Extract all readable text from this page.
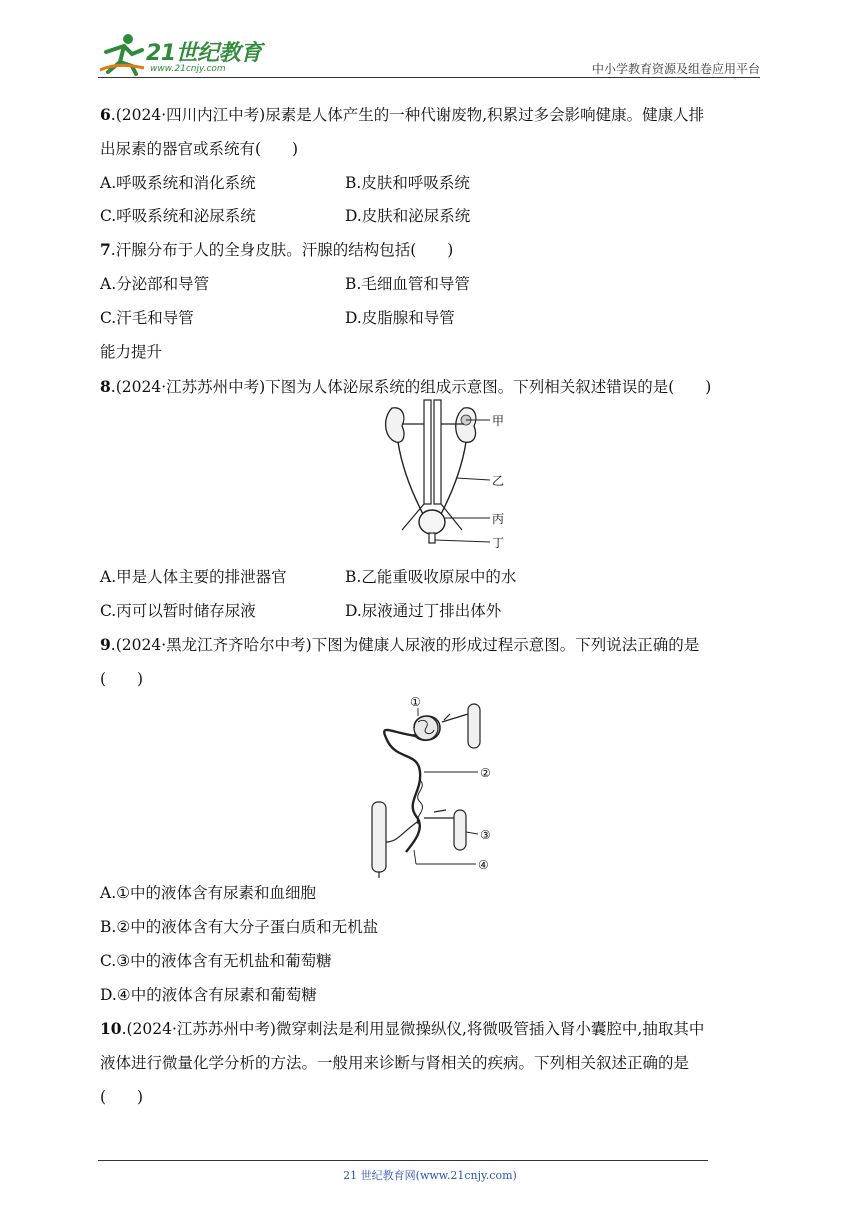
21世纪教育
www.21cnjy.com	中小学教育资源及组卷应用平台
6.(2024·四川内江中考)尿素是人体产生的一种代谢废物,积累过多会影响健康。健康人排
出尿素的器官或系统有(　　)
A.呼吸系统和消化系统	B.皮肤和呼吸系统
C.呼吸系统和泌尿系统	D.皮肤和泌尿系统
7.汗腺分布于人的全身皮肤。汗腺的结构包括(　　)
A.分泌部和导管	B.毛细血管和导管
C.汗毛和导管	D.皮脂腺和导管
能力提升
8.(2024·江苏苏州中考)下图为人体泌尿系统的组成示意图。下列相关叙述错误的是(　　)
甲
乙
丙
丁
A.甲是人体主要的排泄器官	B.乙能重吸收原尿中的水
C.丙可以暂时储存尿液	D.尿液通过丁排出体外
9.(2024·黑龙江齐齐哈尔中考)下图为健康人尿液的形成过程示意图。下列说法正确的是
(　　)
①
②
③
④
A.①中的液体含有尿素和血细胞
B.②中的液体含有大分子蛋白质和无机盐
C.③中的液体含有无机盐和葡萄糖
D.④中的液体含有尿素和葡萄糖
10.(2024·江苏苏州中考)微穿刺法是利用显微操纵仪,将微吸管插入肾小囊腔中,抽取其中
液体进行微量化学分析的方法。一般用来诊断与肾相关的疾病。下列相关叙述正确的是
(　　)
21 世纪教育网(www.21cnjy.com)
